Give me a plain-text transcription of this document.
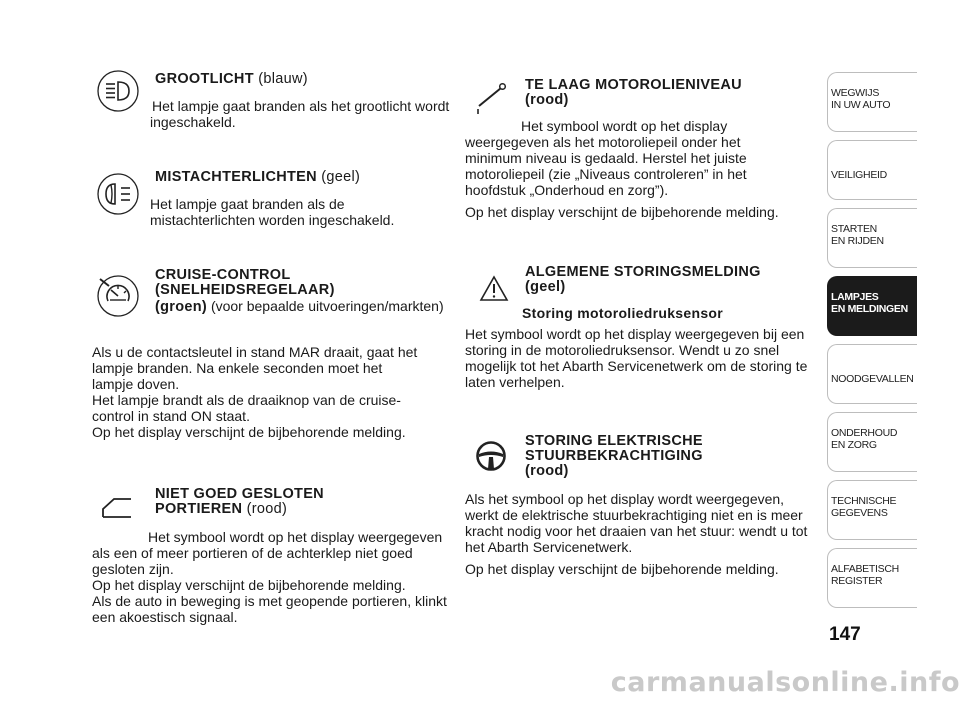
GROOTLICHT (blauw)

Het lampje gaat branden als het grootlicht wordt ingeschakeld.

MISTACHTERLICHTEN (geel)

Het lampje gaat branden als de mistachterlichten worden ingeschakeld.

CRUISE-CONTROL
(SNELHEIDSREGELAAR)
(groen) (voor bepaalde uitvoeringen/markten)

Als u de contactsleutel in stand MAR draait, gaat het lampje branden. Na enkele seconden moet het lampje doven.

Het lampje brandt als de draaiknop van de cruise-control in stand ON staat.

Op het display verschijnt de bijbehorende melding.

NIET GOED GESLOTEN
PORTIEREN (rood)

Het symbool wordt op het display weergegeven als een of meer portieren of de achterklep niet goed gesloten zijn.

Op het display verschijnt de bijbehorende melding.

Als de auto in beweging is met geopende portieren, klinkt een akoestisch signaal.

TE LAAG MOTOROLIENIVEAU
(rood)

Het symbool wordt op het display weergegeven als het motoroliepeil onder het minimum niveau is gedaald. Herstel het juiste motoroliepeil (zie „Niveaus controleren” in het hoofdstuk „Onderhoud en zorg”).

Op het display verschijnt de bijbehorende melding.

ALGEMENE STORINGSMELDING
(geel)
Storing motoroliedruksensor

Het symbool wordt op het display weergegeven bij een storing in de motoroliedruksensor. Wendt u zo snel mogelijk tot het Abarth Servicenetwerk om de storing te laten verhelpen.

STORING ELEKTRISCHE
STUURBEKRACHTIGING
(rood)

Als het symbool op het display wordt weergegeven, werkt de elektrische stuurbekrachtiging niet en is meer kracht nodig voor het draaien van het stuur: wendt u tot het Abarth Servicenetwerk.

Op het display verschijnt de bijbehorende melding.

WEGWIJS
IN UW AUTO
VEILIGHEID
STARTEN
EN RIJDEN
LAMPJES
EN MELDINGEN
NOODGEVALLEN
ONDERHOUD
EN ZORG
TECHNISCHE
GEGEVENS
ALFABETISCH
REGISTER
147
carmanualsonline.info
